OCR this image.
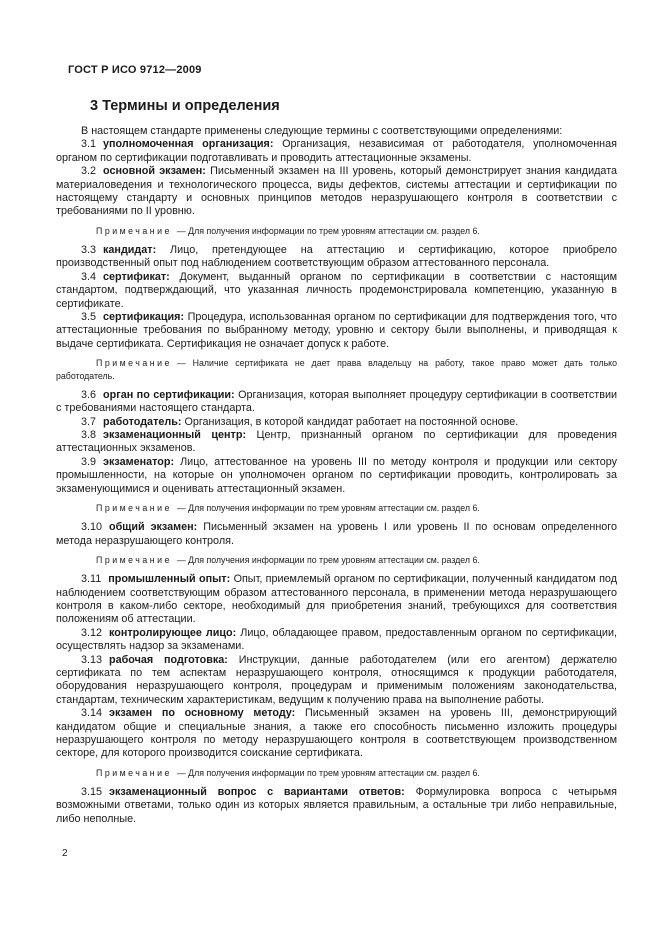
ГОСТ Р ИСО 9712—2009
3 Термины и определения

В настоящем стандарте применены следующие термины с соответствующими определениями:

3.1 уполномоченная организация: Организация, независимая от работодателя, уполномоченная органом по сертификации подготавливать и проводить аттестационные экзамены.

3.2 основной экзамен: Письменный экзамен на III уровень, который демонстрирует знания кандидата материаловедения и технологического процесса, виды дефектов, системы аттестации и сертификации по настоящему стандарту и основных принципов методов неразрушающего контроля в соответствии с требованиями по II уровню.

Примечание — Для получения информации по трем уровням аттестации см. раздел 6.

3.3 кандидат: Лицо, претендующее на аттестацию и сертификацию, которое приобрело производственный опыт под наблюдением соответствующим образом аттестованного персонала.

3.4 сертификат: Документ, выданный органом по сертификации в соответствии с настоящим стандартом, подтверждающий, что указанная личность продемонстрировала компетенцию, указанную в сертификате.

3.5 сертификация: Процедура, использованная органом по сертификации для подтверждения того, что аттестационные требования по выбранному методу, уровню и сектору были выполнены, и приводящая к выдаче сертификата. Сертификация не означает допуск к работе.

Примечание — Наличие сертификата не дает права владельцу на работу, такое право может дать только работодатель.

3.6 орган по сертификации: Организация, которая выполняет процедуру сертификации в соответствии с требованиями настоящего стандарта.

3.7 работодатель: Организация, в которой кандидат работает на постоянной основе.

3.8 экзаменационный центр: Центр, признанный органом по сертификации для проведения аттестационных экзаменов.

3.9 экзаменатор: Лицо, аттестованное на уровень III по методу контроля и продукции или сектору промышленности, на которые он уполномочен органом по сертификации проводить, контролировать за экзаменующимися и оценивать аттестационный экзамен.

Примечание — Для получения информации по трем уровням аттестации см. раздел 6.

3.10 общий экзамен: Письменный экзамен на уровень I или уровень II по основам определенного метода неразрушающего контроля.

Примечание — Для получения информации по трем уровням аттестации см. раздел 6.

3.11 промышленный опыт: Опыт, приемлемый органом по сертификации, полученный кандидатом под наблюдением соответствующим образом аттестованного персонала, в применении метода неразрушающего контроля в каком-либо секторе, необходимый для приобретения знаний, требующихся для соответствия положениям об аттестации.

3.12 контролирующее лицо: Лицо, обладающее правом, предоставленным органом по сертификации, осуществлять надзор за экзаменами.

3.13 рабочая подготовка: Инструкции, данные работодателем (или его агентом) держателю сертификата по тем аспектам неразрушающего контроля, относящимся к продукции работодателя, оборудования неразрушающего контроля, процедурам и применимым положениям законодательства, стандартам, техническим характеристикам, ведущим к получению права на выполнение работы.

3.14 экзамен по основному методу: Письменный экзамен на уровень III, демонстрирующий кандидатом общие и специальные знания, а также его способность письменно изложить процедуры неразрушающего контроля по методу неразрушающего контроля в соответствующем производственном секторе, для которого производится соискание сертификата.

Примечание — Для получения информации по трем уровням аттестации см. раздел 6.

3.15 экзаменационный вопрос с вариантами ответов: Формулировка вопроса с четырьмя возможными ответами, только один из которых является правильным, а остальные три либо неправильные, либо неполные.

2
